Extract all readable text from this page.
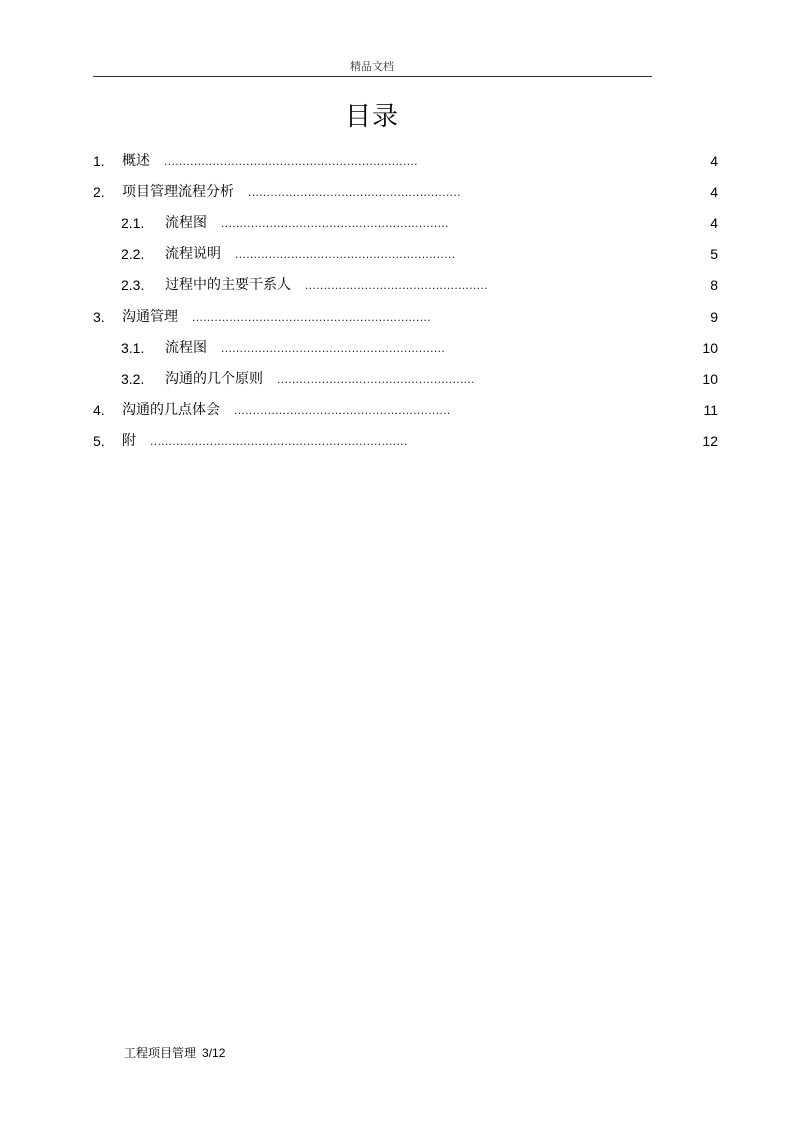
精品文档
目录
1. 概述 ....................................................................	4
2. 项目管理流程分析 .........................................................	4
2.1. 流程图 .............................................................	4
2.2. 流程说明 ...........................................................	5
2.3. 过程中的主要干系人 .................................................	8
3. 沟通管理 ................................................................	9
3.1. 流程图 ............................................................	10
3.2. 沟通的几个原则 .....................................................	10
4. 沟通的几点体会 ..........................................................	11
5. 附 .....................................................................	12
工程项目管理 3/12
